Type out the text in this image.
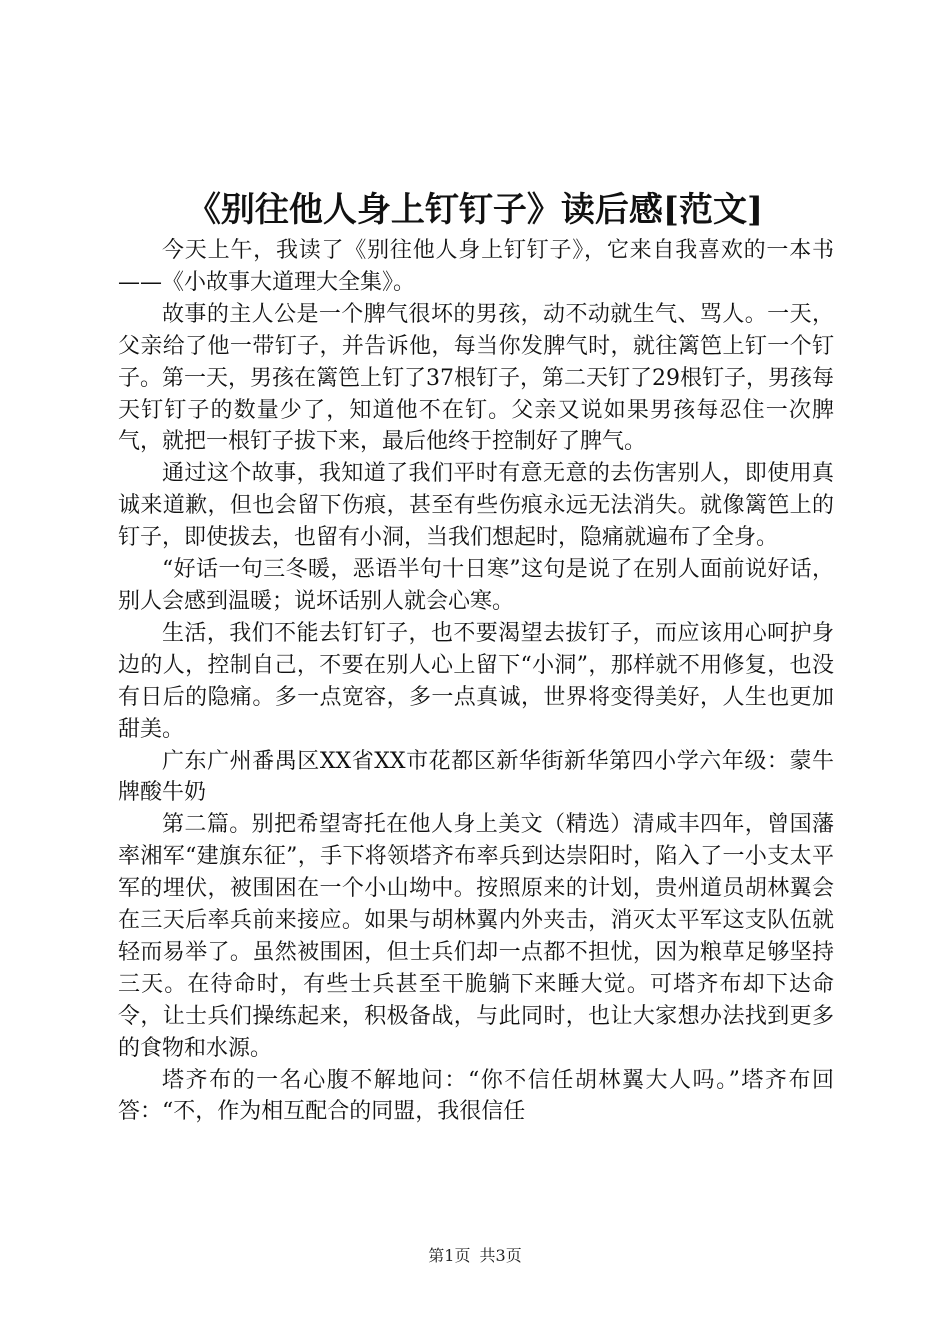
《别往他人身上钉钉子》读后感[范文]

今天上午，我读了《别往他人身上钉钉子》，它来自我喜欢的一本书——《小故事大道理大全集》。

故事的主人公是一个脾气很坏的男孩，动不动就生气、骂人。一天，父亲给了他一带钉子，并告诉他，每当你发脾气时，就往篱笆上钉一个钉子。第一天，男孩在篱笆上钉了37根钉子，第二天钉了29根钉子，男孩每天钉钉子的数量少了，知道他不在钉。父亲又说如果男孩每忍住一次脾气，就把一根钉子拔下来，最后他终于控制好了脾气。

通过这个故事，我知道了我们平时有意无意的去伤害别人，即使用真诚来道歉，但也会留下伤痕，甚至有些伤痕永远无法消失。就像篱笆上的钉子，即使拔去，也留有小洞，当我们想起时，隐痛就遍布了全身。

“好话一句三冬暖，恶语半句十日寒”这句是说了在别人面前说好话，别人会感到温暖；说坏话别人就会心寒。

生活，我们不能去钉钉子，也不要渴望去拔钉子，而应该用心呵护身边的人，控制自己，不要在别人心上留下“小洞”，那样就不用修复，也没有日后的隐痛。多一点宽容，多一点真诚，世界将变得美好，人生也更加甜美。

广东广州番禺区XX省XX市花都区新华街新华第四小学六年级：蒙牛牌酸牛奶

第二篇。别把希望寄托在他人身上美文（精选）清咸丰四年，曾国藩率湘军“建旗东征”，手下将领塔齐布率兵到达崇阳时，陷入了一小支太平军的埋伏，被围困在一个小山坳中。按照原来的计划，贵州道员胡林翼会在三天后率兵前来接应。如果与胡林翼内外夹击，消灭太平军这支队伍就轻而易举了。虽然被围困，但士兵们却一点都不担忧，因为粮草足够坚持三天。在待命时，有些士兵甚至干脆躺下来睡大觉。可塔齐布却下达命令，让士兵们操练起来，积极备战，与此同时，也让大家想办法找到更多的食物和水源。

塔齐布的一名心腹不解地问：“你不信任胡林翼大人吗。”塔齐布回答：“不，作为相互配合的同盟，我很信任

第1页 共3页
